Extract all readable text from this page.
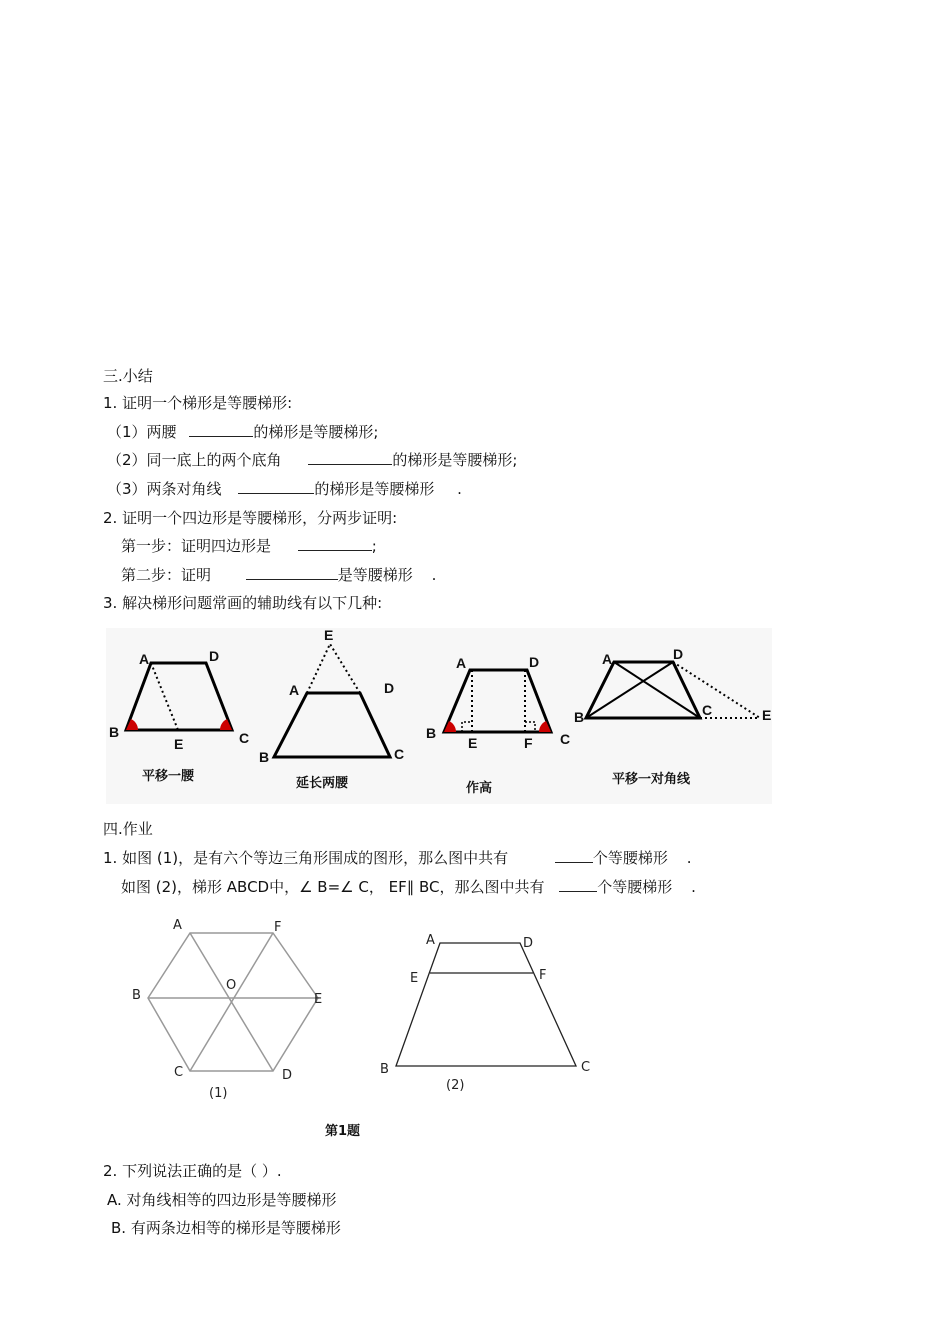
三.小结
1. 证明一个梯形是等腰梯形:
（1）两腰	的梯形是等腰梯形;
（2）同一底上的两个底角	的梯形是等腰梯形;
（3）两条对角线	的梯形是等腰梯形 .
2. 证明一个四边形是等腰梯形，分两步证明:
第一步：证明四边形是	;
第二步：证明	是等腰梯形 .
3. 解决梯形问题常画的辅助线有以下几种:
A	D
B
E	C
平移一腰
E
A	D
B	C
延长两腰
A	D
B
E	F C
作高
A	D
B	C	E
平移一对角线
A	F
B
O
E
C	D
(1)
A	D
E	F
B	C
(2)
第1题
四.作业
1. 如图 (1)，是有六个等边三角形围成的图形，那么图中共有	个等腰梯形 .
如图 (2)，梯形 ABCD中，∠ B=∠ C， EF∥ BC，那么图中共有	个等腰梯形 .
2. 下列说法正确的是（ ）.
A. 对角线相等的四边形是等腰梯形
B. 有两条边相等的梯形是等腰梯形
